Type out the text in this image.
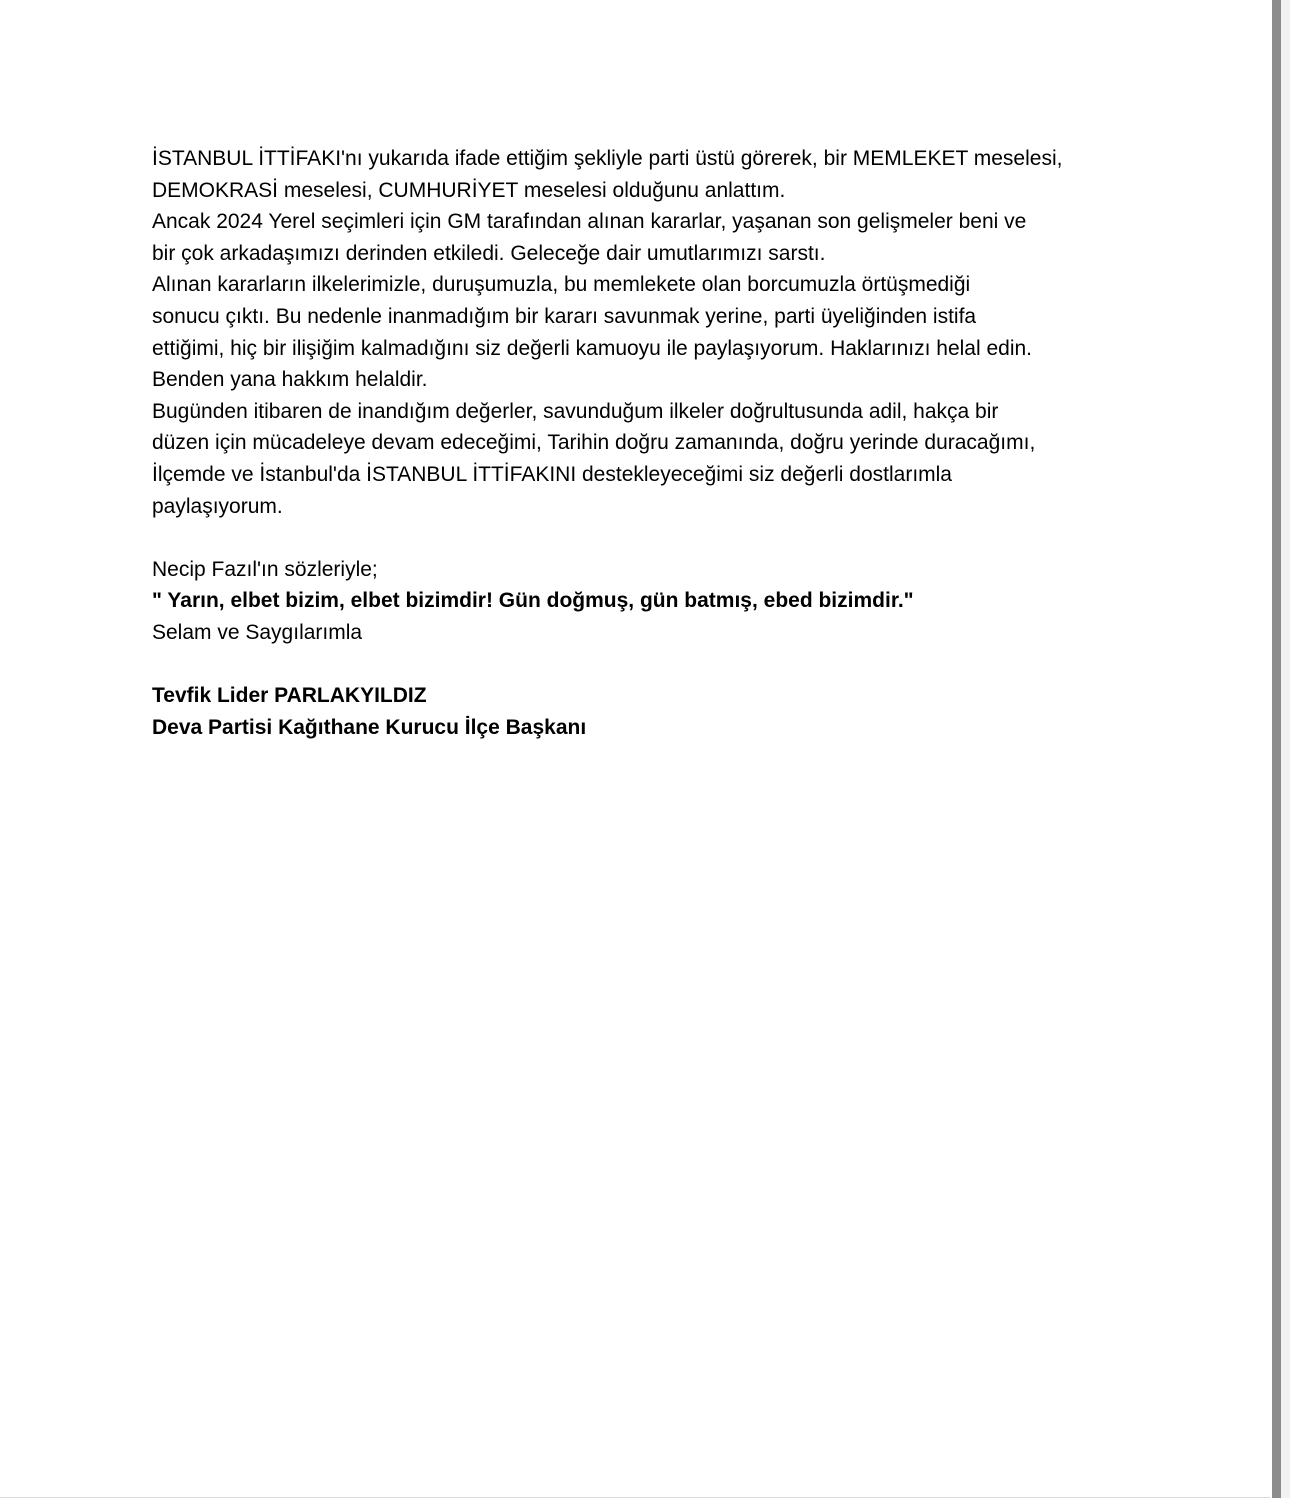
İSTANBUL İTTİFAKI'nı yukarıda ifade ettiğim şekliyle parti üstü görerek, bir MEMLEKET meselesi,

DEMOKRASİ meselesi, CUMHURİYET meselesi olduğunu anlattım.

Ancak 2024 Yerel seçimleri için GM tarafından alınan kararlar, yaşanan son gelişmeler beni ve

bir çok arkadaşımızı derinden etkiledi. Geleceğe dair umutlarımızı sarstı.

Alınan kararların ilkelerimizle, duruşumuzla, bu memlekete olan borcumuzla örtüşmediği

sonucu çıktı. Bu nedenle inanmadığım bir kararı savunmak yerine, parti üyeliğinden istifa

ettiğimi, hiç bir ilişiğim kalmadığını siz değerli kamuoyu ile paylaşıyorum. Haklarınızı helal edin.

Benden yana hakkım helaldir.

Bugünden itibaren de inandığım değerler, savunduğum ilkeler doğrultusunda adil, hakça bir

düzen için mücadeleye devam edeceğimi, Tarihin doğru zamanında, doğru yerinde duracağımı,

İlçemde ve İstanbul'da İSTANBUL İTTİFAKINI destekleyeceğimi siz değerli dostlarımla

paylaşıyorum.

Necip Fazıl'ın sözleriyle;

" Yarın, elbet bizim, elbet bizimdir! Gün doğmuş, gün batmış, ebed bizimdir."

Selam ve Saygılarımla

Tevfik Lider PARLAKYILDIZ

Deva Partisi Kağıthane Kurucu İlçe Başkanı
